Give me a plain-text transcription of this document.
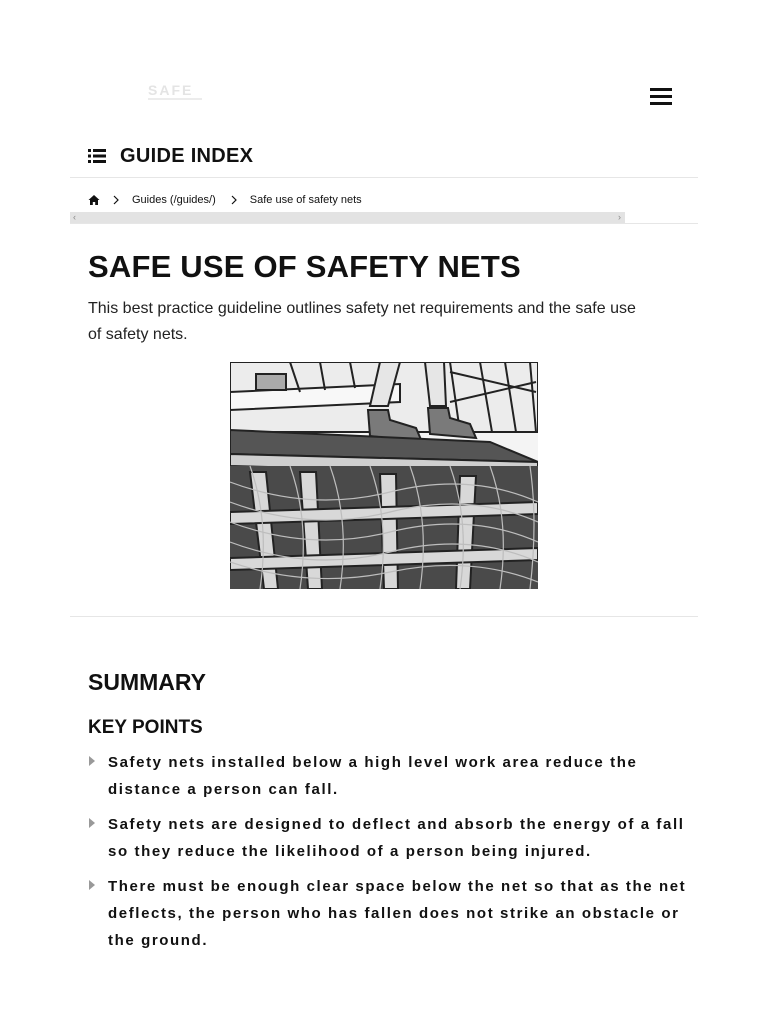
SAFE
GUIDE INDEX
Guides (/guides/)	Safe use of safety nets
‹	›
SAFE USE OF SAFETY NETS

This best practice guideline outlines safety net requirements and the safe use of safety nets.

SUMMARY
KEY POINTS
Safety nets installed below a high level work area reduce the distance a person can fall.
Safety nets are designed to deflect and absorb the energy of a fall so they reduce the likelihood of a person being injured.
There must be enough clear space below the net so that as the net deflects, the person who has fallen does not strike an obstacle or the ground.
